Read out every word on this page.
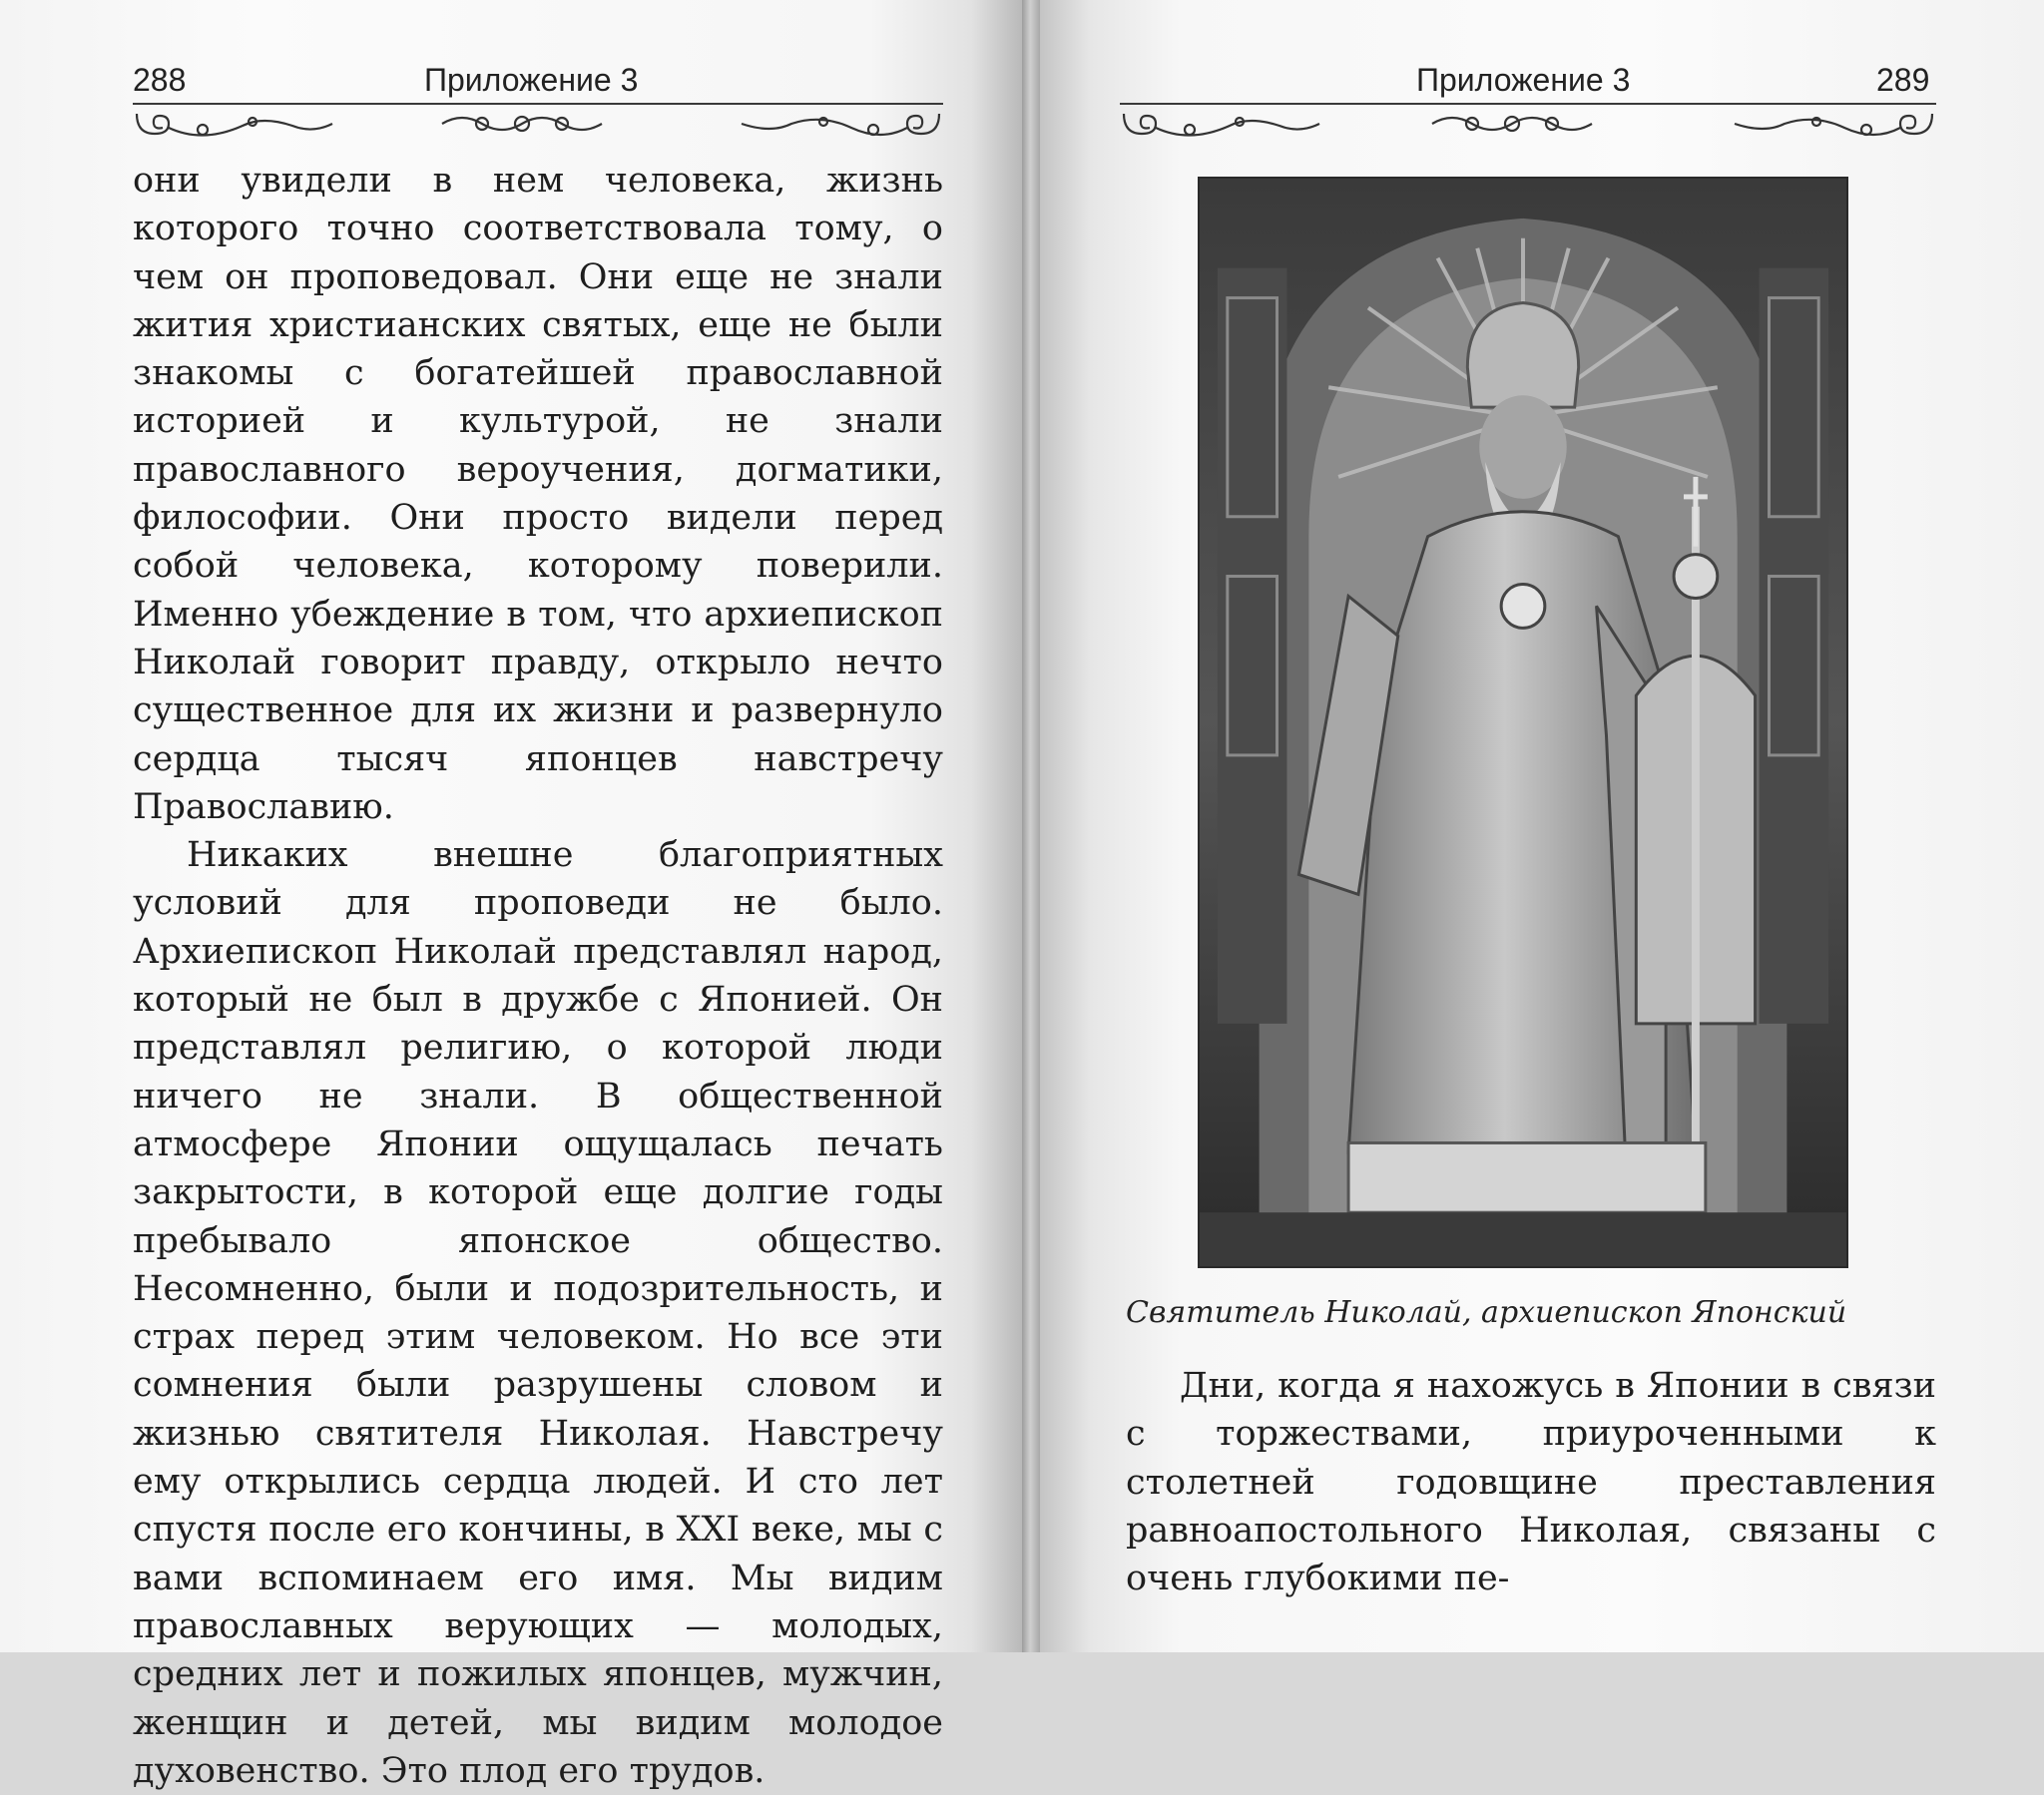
288	Приложение 3

они увидели в нем человека, жизнь которого точно соответствовала тому, о чем он проповедовал. Они еще не знали жития христианских святых, еще не были знакомы с богатейшей православной историей и культурой, не знали православного вероучения, догматики, философии. Они просто видели перед собой человека, которому поверили. Именно убеждение в том, что архиепископ Николай говорит правду, открыло нечто существенное для их жизни и развернуло сердца тысяч японцев навстречу Православию.

Никаких внешне благоприятных условий для проповеди не было. Архиепископ Николай представлял народ, который не был в дружбе с Японией. Он представлял религию, о которой люди ничего не знали. В общественной атмосфере Японии ощущалась печать закрытости, в которой еще долгие годы пребывало японское общество. Несомненно, были и подозрительность, и страх перед этим человеком. Но все эти сомнения были разрушены словом и жизнью святителя Николая. Навстречу ему открылись сердца людей. И сто лет спустя после его кончины, в XXI веке, мы с вами вспоминаем его имя. Мы видим православных верующих — молодых, средних лет и пожилых японцев, мужчин, женщин и детей, мы видим молодое духовенство. Это плод его трудов.

Приложение 3	289
Святитель Николай, архиепископ Японский

Дни, когда я нахожусь в Японии в связи с торжествами, приуроченными к столетней годовщине преставления равноапостольного Николая, связаны с очень глубокими пе-
